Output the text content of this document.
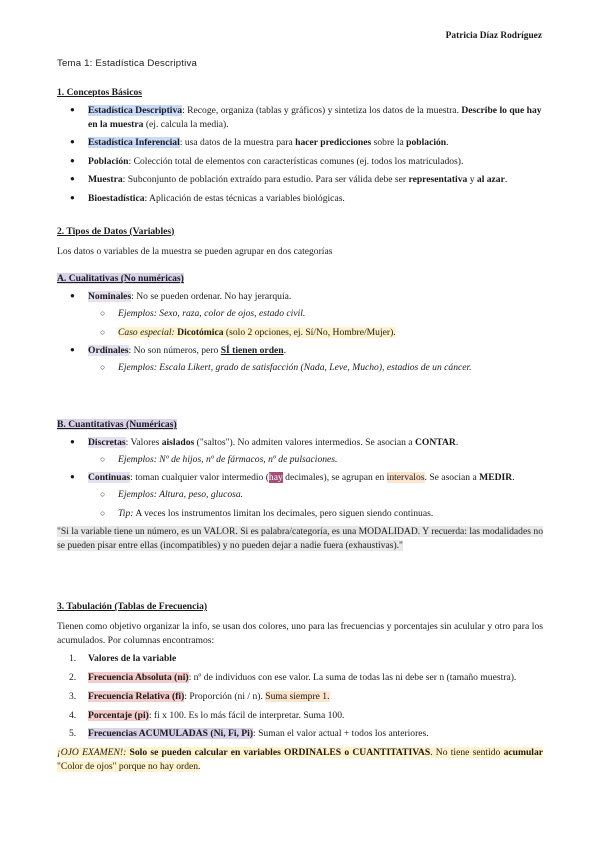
Patricia Díaz Rodríguez

Tema 1: Estadística Descriptiva

1. Conceptos Básicos

● Estadística Descriptiva: Recoge, organiza (tablas y gráficos) y sintetiza los datos de la muestra. Describe lo que hay en la muestra (ej. calcula la media).
● Estadística Inferencial: usa datos de la muestra para hacer predicciones sobre la población.
● Población: Colección total de elementos con características comunes (ej. todos los matriculados).
● Muestra: Subconjunto de población extraído para estudio. Para ser válida debe ser representativa y al azar.
● Bioestadística: Aplicación de estas técnicas a variables biológicas.

2. Tipos de Datos (Variables)

Los datos o variables de la muestra se pueden agrupar en dos categorías

A. Cualitativas (No numéricas)

● Nominales: No se pueden ordenar. No hay jerarquía.
○ Ejemplos: Sexo, raza, color de ojos, estado civil.
○ Caso especial: Dicotómica (solo 2 opciones, ej. Sí/No, Hombre/Mujer).
● Ordinales: No son números, pero SÍ tienen orden.
○ Ejemplos: Escala Likert, grado de satisfacción (Nada, Leve, Mucho), estadios de un cáncer.

B. Cuantitativas (Numéricas)

● Discretas: Valores aislados ("saltos"). No admiten valores intermedios. Se asocian a CONTAR.
○ Ejemplos: Nº de hijos, nº de fármacos, nº de pulsaciones.
● Continuas: toman cualquier valor intermedio (hay decimales), se agrupan en intervalos. Se asocian a MEDIR.
○ Ejemplos: Altura, peso, glucosa.
○ Tip: A veces los instrumentos limitan los decimales, pero siguen siendo continuas.

"Si la variable tiene un número, es un VALOR. Si es palabra/categoría, es una MODALIDAD. Y recuerda: las modalidades no se pueden pisar entre ellas (incompatibles) y no pueden dejar a nadie fuera (exhaustivas)."

3. Tabulación (Tablas de Frecuencia)

Tienen como objetivo organizar la info, se usan dos colores, uno para las frecuencias y porcentajes sin aculular y otro para los acumulados. Por columnas encontramos:

1. Valores de la variable
2. Frecuencia Absoluta (ni): nº de individuos con ese valor. La suma de todas las ni debe ser n (tamaño muestra).
3. Frecuencia Relativa (fi): Proporción (ni / n). Suma siempre 1.
4. Porcentaje (pi): fi x 100. Es lo más fácil de interpretar. Suma 100.
5. Frecuencias ACUMULADAS (Ni, Fi, Pi): Suman el valor actual + todos los anteriores.

¡OJO EXAMEN!: Solo se pueden calcular en variables ORDINALES o CUANTITATIVAS. No tiene sentido acumular "Color de ojos" porque no hay orden.
